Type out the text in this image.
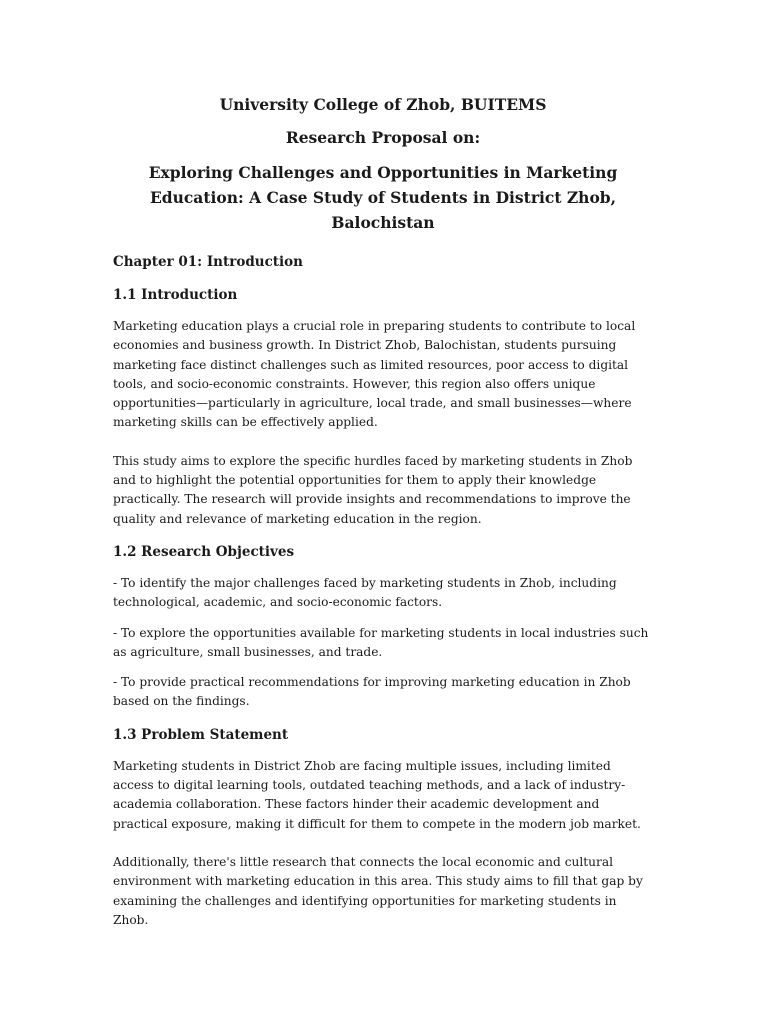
University College of Zhob, BUITEMS

Research Proposal on:

Exploring Challenges and Opportunities in Marketing Education: A Case Study of Students in District Zhob, Balochistan

Chapter 01: Introduction

1.1 Introduction

Marketing education plays a crucial role in preparing students to contribute to local economies and business growth. In District Zhob, Balochistan, students pursuing marketing face distinct challenges such as limited resources, poor access to digital tools, and socio-economic constraints. However, this region also offers unique opportunities—particularly in agriculture, local trade, and small businesses—where marketing skills can be effectively applied.

This study aims to explore the specific hurdles faced by marketing students in Zhob and to highlight the potential opportunities for them to apply their knowledge practically. The research will provide insights and recommendations to improve the quality and relevance of marketing education in the region.

1.2 Research Objectives

- To identify the major challenges faced by marketing students in Zhob, including technological, academic, and socio-economic factors.

- To explore the opportunities available for marketing students in local industries such as agriculture, small businesses, and trade.

- To provide practical recommendations for improving marketing education in Zhob based on the findings.

1.3 Problem Statement

Marketing students in District Zhob are facing multiple issues, including limited access to digital learning tools, outdated teaching methods, and a lack of industry-academia collaboration. These factors hinder their academic development and practical exposure, making it difficult for them to compete in the modern job market.

Additionally, there's little research that connects the local economic and cultural environment with marketing education in this area. This study aims to fill that gap by examining the challenges and identifying opportunities for marketing students in Zhob.
